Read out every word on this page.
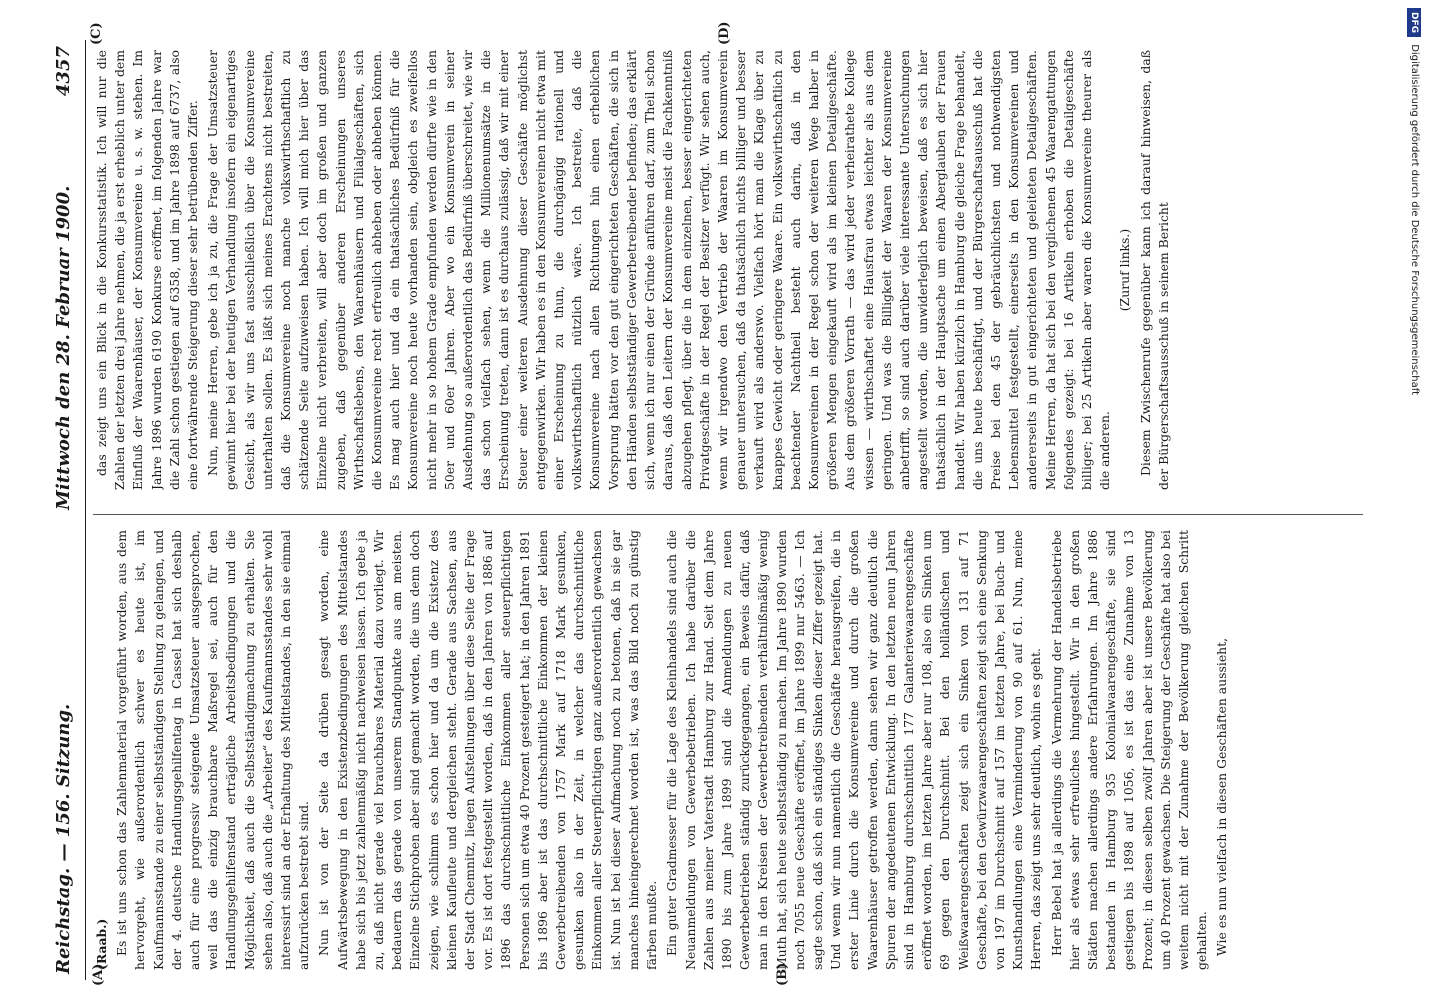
Reichstag. — 156. Sitzung.
Mittwoch den 28. Februar 1900.
4357
(A)	(B)
(C)	(D)
(Raab.) Es ist uns schon das Zahlenmaterial vorgeführt worden, aus dem hervorgeht, wie außerordentlich schwer es heute ist, im Kaufmannsstande zu einer selbstständigen Stellung zu gelangen, und der 4. deutsche Handlungsgehilfentag in Cassel hat sich deshalb auch für eine progressiv steigende Umsatzsteuer ausgesprochen, weil das die einzig brauchbare Maßregel sei, auch für den Handlungsgehilfenstand erträgliche Arbeitsbedingungen und die Möglichkeit, daß auch die Selbstständigmachung zu erhalten. Sie sehen also, daß auch die „Arbeiter“ des Kaufmannsstandes sehr wohl interessirt sind an der Erhaltung des Mittelstandes, in den sie einmal aufzurücken bestrebt sind. Nun ist von der Seite da drüben gesagt worden, eine Aufwärtsbewegung in den Existenzbedingungen des Mittelstandes habe sich bis jetzt zahlenmäßig nicht nachweisen lassen. Ich gebe ja zu, daß nicht gerade viel brauchbares Material dazu vorliegt. Wir bedauern das gerade von unserem Standpunkte aus am meisten. Einzelne Stichproben aber sind gemacht worden, die uns denn doch zeigen, wie schlimm es schon hier und da um die Existenz des kleinen Kaufleute und dergleichen steht. Gerade aus Sachsen, aus der Stadt Chemnitz, liegen Aufstellungen über diese Seite der Frage vor. Es ist dort festgestellt worden, daß in den Jahren von 1886 auf 1896 das durchschnittliche Einkommen aller steuerpflichtigen Personen sich um etwa 40 Prozent gesteigert hat; in den Jahren 1891 bis 1896 aber ist das durchschnittliche Einkommen der kleinen Gewerbetreibenden von 1757 Mark auf 1718 Mark gesunken, gesunken also in der Zeit, in welcher das durchschnittliche Einkommen aller Steuerpflichtigen ganz außerordentlich gewachsen ist. Nun ist bei dieser Aufmachung noch zu betonen, daß in sie gar manches hineingerechnet worden ist, was das Bild noch zu günstig färben mußte. Ein guter Gradmesser für die Lage des Kleinhandels sind auch die Neuanmeldungen von Gewerbebetrieben. Ich habe darüber die Zahlen aus meiner Vaterstadt Hamburg zur Hand. Seit dem Jahre 1890 bis zum Jahre 1899 sind die Anmeldungen zu neuen Gewerbebetrieben ständig zurückgegangen, ein Beweis dafür, daß man in den Kreisen der Gewerbetreibenden verhältnißmäßig wenig Muth hat, sich heute selbstständig zu machen. Im Jahre 1890 wurden noch 7055 neue Geschäfte eröffnet, im Jahre 1899 nur 5463. — Ich sagte schon, daß sich ein ständiges Sinken dieser Ziffer gezeigt hat. Und wenn wir nun namentlich die Geschäfte herausgreifen, die in erster Linie durch die Konsumvereine und durch die großen Waarenhäuser getroffen werden, dann sehen wir ganz deutlich die Spuren der angedeutenen Entwicklung. In den letzten neun Jahren sind in Hamburg durchschnittlich 177 Galanteriewaarengeschäfte eröffnet worden, im letzten Jahre aber nur 108, also ein Sinken um 69 gegen den Durchschnitt. Bei den holländischen und Weißwaarengeschäften zeigt sich ein Sinken von 131 auf 71 Geschäfte, bei den Gewürzwaarengeschäften zeigt sich eine Senkung von 197 im Durchschnitt auf 157 im letzten Jahre, bei Buch- und Kunsthandlungen eine Verminderung von 90 auf 61. Nun, meine Herren, das zeigt uns sehr deutlich, wohin es geht. Herr Bebel hat ja allerdings die Vermehrung der Handelsbetriebe hier als etwas sehr erfreuliches hingestellt. Wir in den großen Städten machen allerdings andere Erfahrungen. Im Jahre 1886 bestanden in Hamburg 935 Kolonialwaarengeschäfte, sie sind gestiegen bis 1898 auf 1056, es ist das eine Zunahme von 13 Prozent; in diesen selben zwölf Jahren aber ist unsere Bevölkerung um 40 Prozent gewachsen. Die Steigerung der Geschäfte hat also bei weitem nicht mit der Zunahme der Bevölkerung gleichen Schritt gehalten. Wie es nun vielfach in diesen Geschäften aussieht,

das zeigt uns ein Blick in die Konkursstatistik. Ich will nur die Zahlen der letzten drei Jahre nehmen, die ja erst erheblich unter dem Einfluß der Waarenhäuser, der Konsumvereine u. s. w. stehen. Im Jahre 1896 wurden 6190 Konkurse eröffnet, im folgenden Jahre war die Zahl schon gestiegen auf 6358, und im Jahre 1898 auf 6737, also eine fortwährende Steigerung dieser sehr betrübenden Ziffer. Nun, meine Herren, gebe ich ja zu, die Frage der Umsatzsteuer gewinnt hier bei der heutigen Verhandlung insofern ein eigenartiges Gesicht, als wir uns fast ausschließlich über die Konsumvereine unterhalten sollen. Es läßt sich meines Erachtens nicht bestreiten, daß die Konsumvereine noch manche volkswirthschaftlich zu schätzende Seite aufzuweisen haben. Ich will mich hier über das Einzelne nicht verbreiten, will aber doch im großen und ganzen zugeben, daß gegenüber anderen Erscheinungen unseres Wirthschaftslebens, den Waarenhäusern und Filialgeschäften, sich die Konsumvereine recht erfreulich abheben oder abheben können. Es mag auch hier und da ein thatsächliches Bedürfniß für die Konsumvereine noch heute vorhanden sein, obgleich es zweifellos nicht mehr in so hohem Grade empfunden werden dürfte wie in den 50er und 60er Jahren. Aber wo ein Konsumverein in seiner Ausdehnung so außerordentlich das Bedürfniß überschreitet, wie wir das schon vielfach sehen, wenn die Millionenumsätze in die Erscheinung treten, dann ist es durchaus zulässig, daß wir mit einer Steuer einer weiteren Ausdehnung dieser Geschäfte möglichst entgegenwirken. Wir haben es in den Konsumvereinen nicht etwa mit einer Erscheinung zu thun, die durchgängig rationell und volkswirthschaftlich nützlich wäre. Ich bestreite, daß die Konsumvereine nach allen Richtungen hin einen erheblichen Vorsprung hätten vor den gut eingerichteten Geschäften, die sich in den Händen selbstständiger Gewerbetreibender befinden; das erklärt sich, wenn ich nur einen der Gründe anführen darf, zum Theil schon daraus, daß den Leitern der Konsumvereine meist die Fachkenntniß abzugehen pflegt, über die in dem einzelnen, besser eingerichteten Privatgeschäfte in der Regel der Besitzer verfügt. Wir sehen auch, wenn wir irgendwo den Vertrieb der Waaren im Konsumverein genauer untersuchen, daß da thatsächlich nichts billiger und besser verkauft wird als anderswo. Vielfach hört man die Klage über zu knappes Gewicht oder geringere Waare. Ein volkswirthschaftlich zu beachtender Nachtheil besteht auch darin, daß in den Konsumvereinen in der Regel schon der weiteren Wege halber in größeren Mengen eingekauft wird als im kleinen Detailgeschäfte. Aus dem größeren Vorrath — das wird jeder verheirathete Kollege wissen — wirthschaftet eine Hausfrau etwas leichter als aus dem geringen. Und was die Billigkeit der Waaren der Konsumvereine anbetrifft, so sind auch darüber viele interessante Untersuchungen angestellt worden, die unwiderleglich beweisen, daß es sich hier thatsächlich in der Hauptsache um einen Aberglauben der Frauen handelt. Wir haben kürzlich in Hamburg die gleiche Frage behandelt, die uns heute beschäftigt, und der Bürgerschaftsausschuß hat die Preise bei den 45 der gebräuchlichsten und nothwendigsten Lebensmittel festgestellt, einerseits in den Konsumvereinen und andererseits in gut eingerichteten und geleiteten Detailgeschäften. Meine Herren, da hat sich bei den verglichenen 45 Waarengattungen folgendes gezeigt: bei 16 Artikeln erhoben die Detailgeschäfte billiger; bei 25 Artikeln aber waren die Konsumvereine theurer als die anderen.

(Zuruf links.) Diesem Zwischenrufe gegenüber kann ich darauf hinweisen, daß der Bürgerschaftsausschuß in seinem Bericht

DFG Digitalisierung gefördert durch die Deutsche Forschungsgemeinschaft
